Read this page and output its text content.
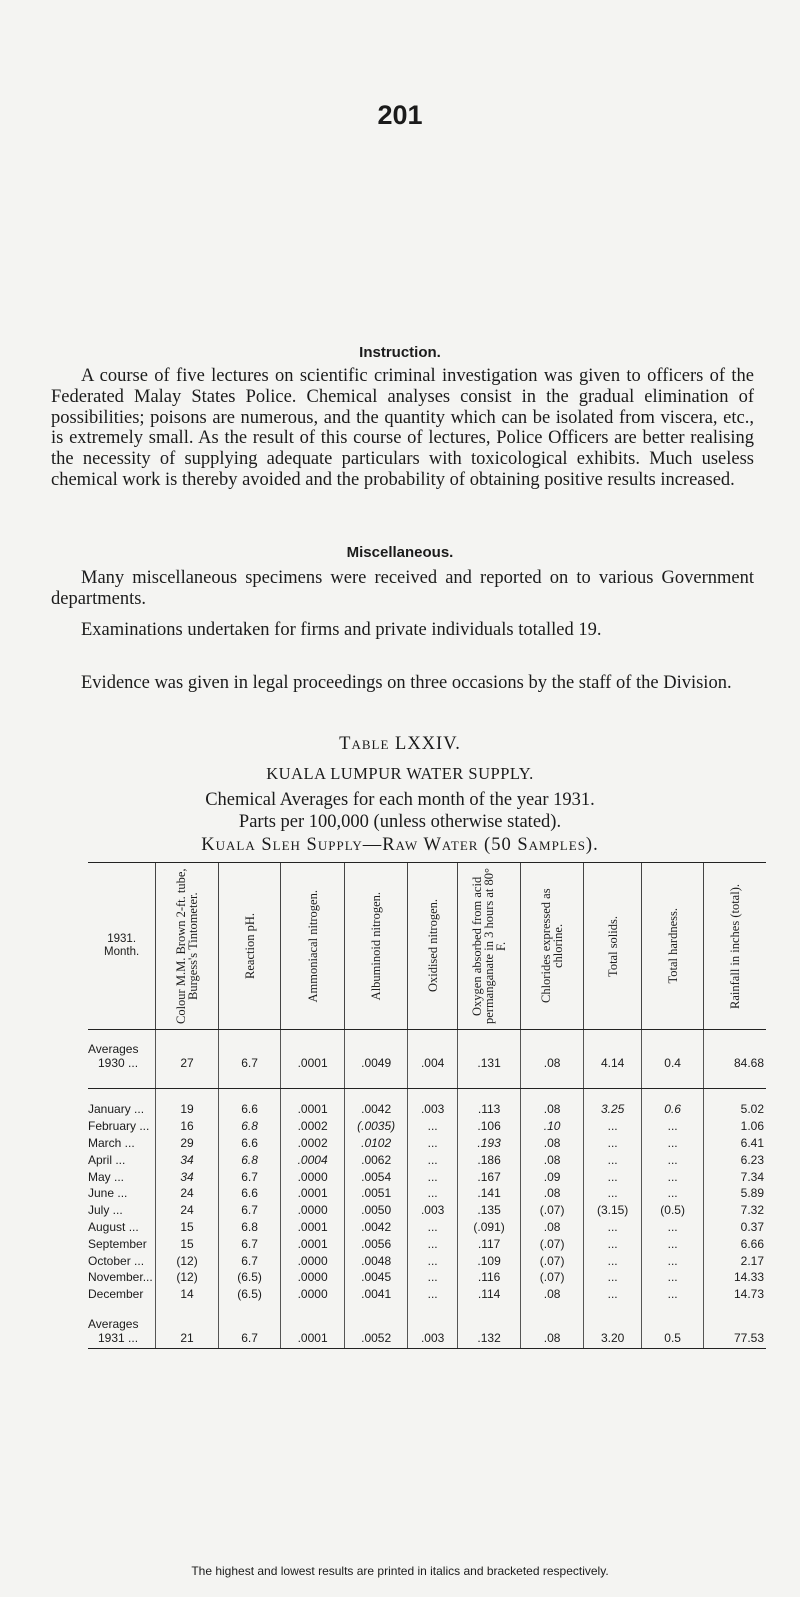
201
Instruction.

A course of five lectures on scientific criminal investigation was given to officers of the Federated Malay States Police. Chemical analyses consist in the gradual elimination of possibilities; poisons are numerous, and the quantity which can be isolated from viscera, etc., is extremely small. As the result of this course of lectures, Police Officers are better realising the necessity of supplying adequate particulars with toxicological exhibits. Much useless chemical work is thereby avoided and the probability of obtaining positive results increased.

Miscellaneous.

Many miscellaneous specimens were received and reported on to various Government departments.

Examinations undertaken for firms and private individuals totalled 19.

Evidence was given in legal proceedings on three occasions by the staff of the Division.

Table LXXIV.
KUALA LUMPUR WATER SUPPLY.
Chemical Averages for each month of the year 1931.
Parts per 100,000 (unless otherwise stated).
Kuala Sleh Supply—Raw Water (50 Samples).
1931.
Month.	Colour M.M. Brown 2-ft. tube, Burgess's Tintometer.	Reaction pH.	Ammoniacal nitrogen.	Albuminoid nitrogen.	Oxidised nitrogen.	Oxygen absorbed from acid permanganate in 3 hours at 80° F.	Chlorides expressed as chlorine.	Total solids.	Total hardness.	Rainfall in inches (total).

Averages
1930 ...	27	6.7	.0001	.0049	.004	.131	.08	4.14	0.4	84.68

January ...	19	6.6	.0001	.0042	.003	.113	.08	3.25	0.6	5.02
February ...	16	6.8	.0002	(.0035)	...	.106	.10	...	...	1.06
March ...	29	6.6	.0002	.0102	...	.193	.08	...	...	6.41
April ...	34	6.8	.0004	.0062	...	.186	.08	...	...	6.23
May ...	34	6.7	.0000	.0054	...	.167	.09	...	...	7.34
June ...	24	6.6	.0001	.0051	...	.141	.08	...	...	5.89
July ...	24	6.7	.0000	.0050	.003	.135	(.07)	(3.15)	(0.5)	7.32
August ...	15	6.8	.0001	.0042	...	(.091)	.08	...	...	0.37
September	15	6.7	.0001	.0056	...	.117	(.07)	...	...	6.66
October ...	(12)	6.7	.0000	.0048	...	.109	(.07)	...	...	2.17
November...	(12)	(6.5)	.0000	.0045	...	.116	(.07)	...	...	14.33
December	14	(6.5)	.0000	.0041	...	.114	.08	...	...	14.73

Averages
1931 ...	21	6.7	.0001	.0052	.003	.132	.08	3.20	0.5	77.53
The highest and lowest results are printed in italics and bracketed respectively.
